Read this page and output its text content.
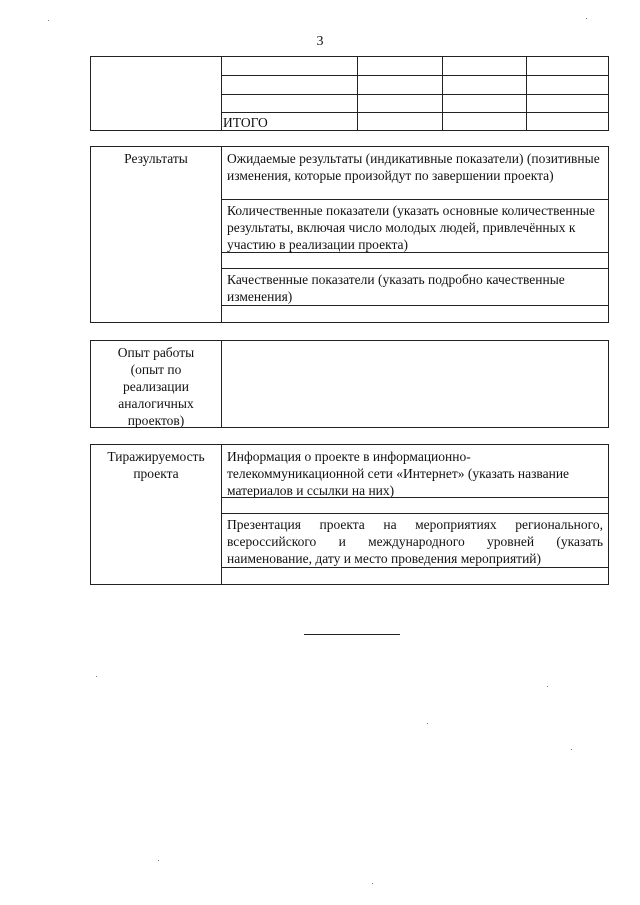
3
ИТОГО
Результаты	Ожидаемые результаты (индикативные показатели) (позитивные изменения, которые произойдут по завершении проекта)
Количественные показатели (указать основные количественные результаты, включая число молодых людей, привлечённых к участию в реализации проекта)
Качественные показатели (указать подробно качественные изменения)
Опыт работы (опыт по реализации аналогичных проектов)
Тиражируемость проекта
Информация о проекте в информационно-телекоммуникационной сети «Интернет» (указать название материалов и ссылки на них)
Презентация проекта на мероприятиях регионального, всероссийского и международного уровней (указать наименование, дату и место проведения мероприятий)
